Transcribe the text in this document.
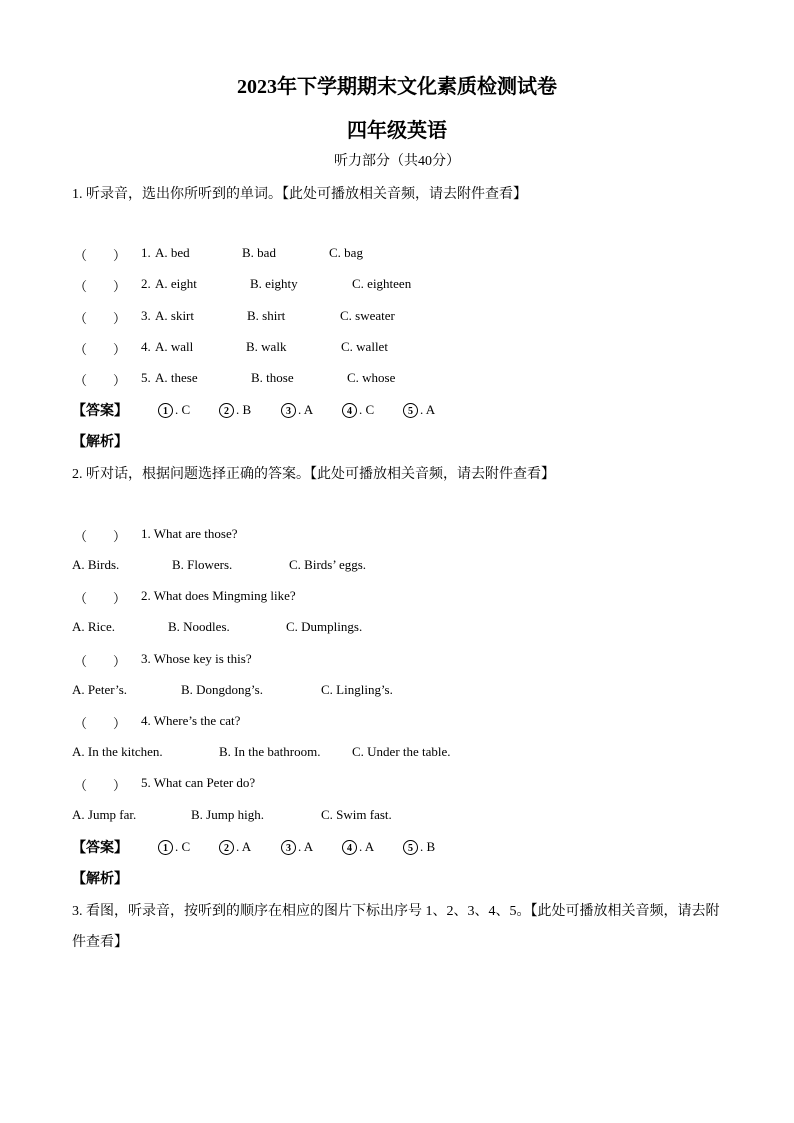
2023年下学期期末文化素质检测试卷
四年级英语
听力部分（共40分）
1. 听录音，选出你所听到的单词。【此处可播放相关音频，请去附件查看】
（　　） 1. A. bed	B. bad	C. bag
（　　） 2. A. eight	B. eighty	C. eighteen
（　　） 3. A. skirt	B. shirt	C. sweater
（　　） 4. A. wall	B. walk	C. wallet
（　　） 5. A. these	B. those	C. whose
【答案】	1 . C	2 . B	3 . A	4 . C	5 . A
【解析】
2. 听对话，根据问题选择正确的答案。【此处可播放相关音频，请去附件查看】
（　　） 1. What are those?
A. Birds.	B. Flowers.	C. Birds’ eggs.
（　　） 2. What does Mingming like?
A. Rice.	B. Noodles.	C. Dumplings.
（　　） 3. Whose key is this?
A. Peter’s.	B. Dongdong’s.	C. Lingling’s.
（　　） 4. Where’s the cat?
A. In the kitchen.	B. In the bathroom. C. Under the table.
（　　） 5. What can Peter do?
A. Jump far.	B. Jump high.	C. Swim fast.
【答案】	1 . C	2 . A	3 . A	4 . A	5 . B
【解析】
3. 看图，听录音，按听到的顺序在相应的图片下标出序号 1、2、3、4、5。【此处可播放相关音频，请去附
件查看】
